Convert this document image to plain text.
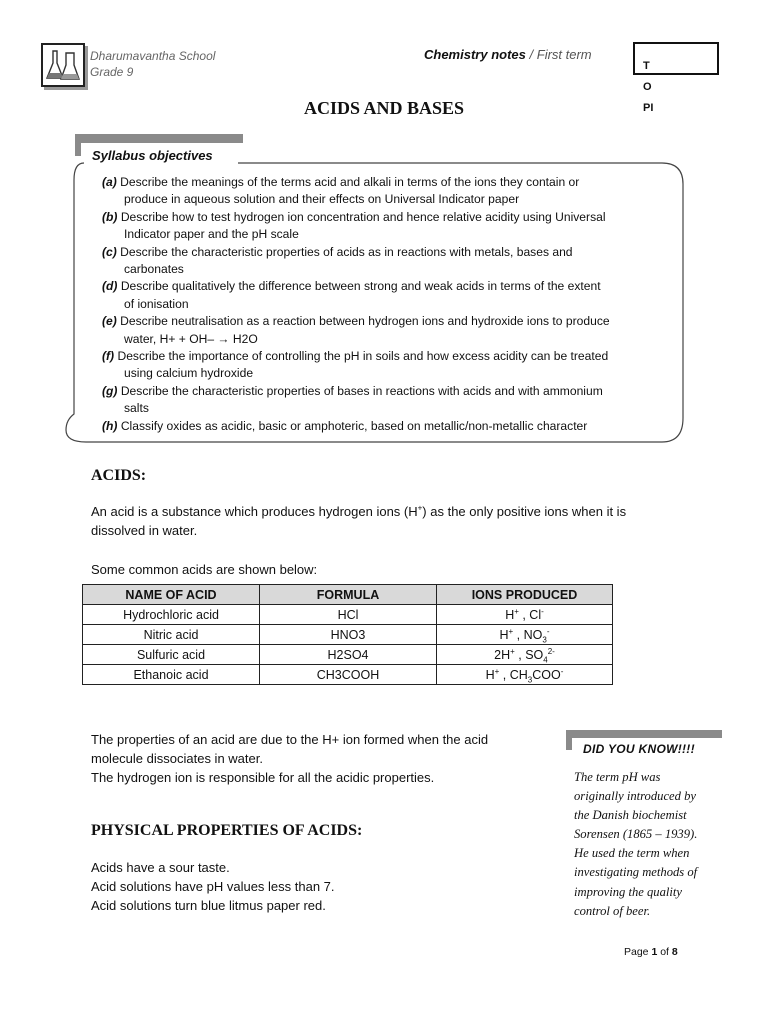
Dharumavantha School
Grade 9
Chemistry notes / First term
T
O
PI
ACIDS AND BASES
Syllabus objectives
(a) Describe the meanings of the terms acid and alkali in terms of the ions they contain or
produce in aqueous solution and their effects on Universal Indicator paper
(b) Describe how to test hydrogen ion concentration and hence relative acidity using Universal
Indicator paper and the pH scale
(c) Describe the characteristic properties of acids as in reactions with metals, bases and
carbonates
(d) Describe qualitatively the difference between strong and weak acids in terms of the extent
of ionisation
(e) Describe neutralisation as a reaction between hydrogen ions and hydroxide ions to produce
water, H+ + OH– → H2O
(f) Describe the importance of controlling the pH in soils and how excess acidity can be treated
using calcium hydroxide
(g) Describe the characteristic properties of bases in reactions with acids and with ammonium
salts
(h) Classify oxides as acidic, basic or amphoteric, based on metallic/non-metallic character
ACIDS:

An acid is a substance which produces hydrogen ions (H+) as the only positive ions when it is dissolved in water.

Some common acids are shown below:

NAME OF ACID	FORMULA	IONS PRODUCED
Hydrochloric acid	HCl	H+ , Cl-
Nitric acid	HNO3	H+ , $NO_3^-$
Sulfuric acid	H2SO4	2H+ , $SO_4^{2-}$
Ethanoic acid	CH3COOH	H+ , $CH_3COO^-$

The properties of an acid are due to the H+ ion formed when the acid

molecule dissociates in water.

The hydrogen ion is responsible for all the acidic properties.

PHYSICAL PROPERTIES OF ACIDS:

Acids have a sour taste.

Acid solutions have pH values less than 7.

Acid solutions turn blue litmus paper red.

DID YOU KNOW!!!!
The term pH was
originally introduced by
the Danish biochemist
Sorensen (1865 – 1939).
He used the term when
investigating methods of
improving the quality
control of beer.
Page 1 of 8
